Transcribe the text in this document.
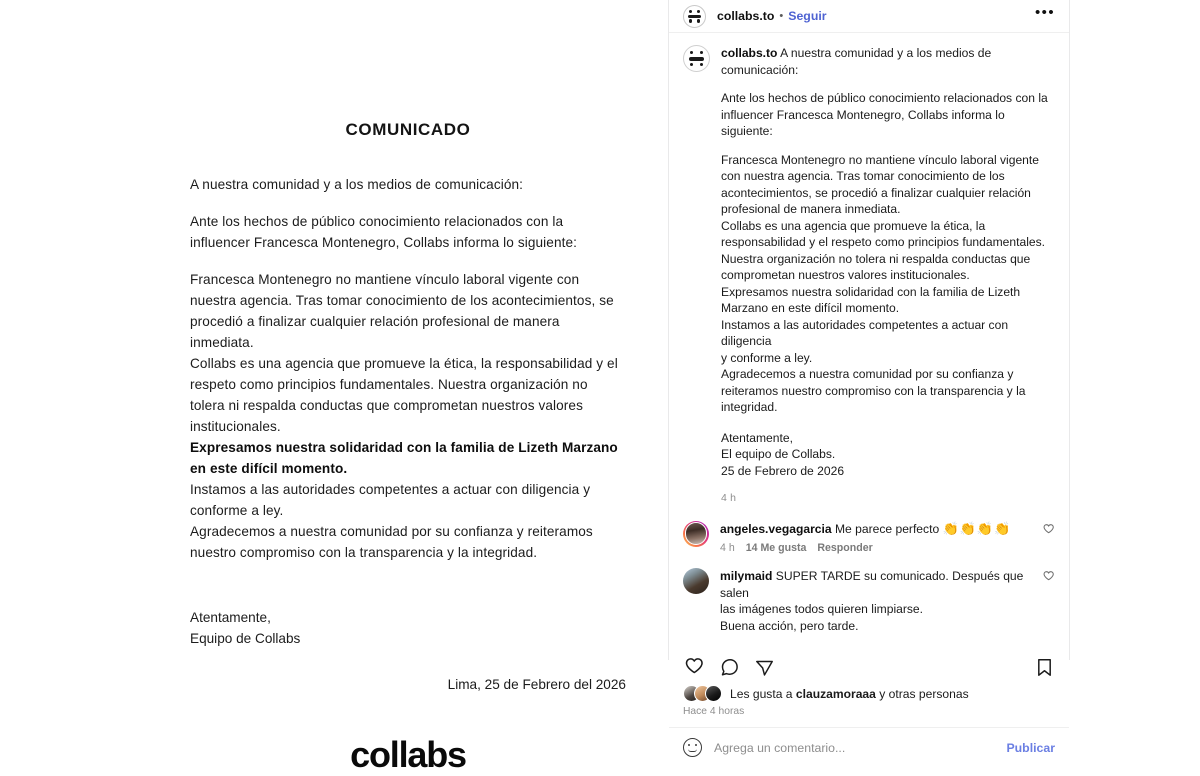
COMUNICADO
A nuestra comunidad y a los medios de comunicación:
Ante los hechos de público conocimiento relacionados con la influencer Francesca Montenegro, Collabs informa lo siguiente:
Francesca Montenegro no mantiene vínculo laboral vigente con nuestra agencia. Tras tomar conocimiento de los acontecimientos, se procedió a finalizar cualquier relación profesional de manera inmediata.
Collabs es una agencia que promueve la ética, la responsabilidad y el respeto como principios fundamentales. Nuestra organización no tolera ni respalda conductas que comprometan nuestros valores institucionales.
Expresamos nuestra solidaridad con la familia de Lizeth Marzano en este difícil momento.
Instamos a las autoridades competentes a actuar con diligencia y conforme a ley.
Agradecemos a nuestra comunidad por su confianza y reiteramos nuestro compromiso con la transparencia y la integridad.
Atentamente,
Equipo de Collabs
Lima, 25 de Febrero del 2026
collabs
collabs.to • Seguir	•••
collabs.to A nuestra comunidad y a los medios de comunicación:
Ante los hechos de público conocimiento relacionados con la
influencer Francesca Montenegro, Collabs informa lo siguiente:
Francesca Montenegro no mantiene vínculo laboral vigente
con nuestra agencia. Tras tomar conocimiento de los
acontecimientos, se procedió a finalizar cualquier relación
profesional de manera inmediata.
Collabs es una agencia que promueve la ética, la
responsabilidad y el respeto como principios fundamentales.
Nuestra organización no tolera ni respalda conductas que
comprometan nuestros valores institucionales.
Expresamos nuestra solidaridad con la familia de Lizeth
Marzano en este difícil momento.
Instamos a las autoridades competentes a actuar con diligencia
y conforme a ley.
Agradecemos a nuestra comunidad por su confianza y
reiteramos nuestro compromiso con la transparencia y la
integridad.
Atentamente,
El equipo de Collabs.
25 de Febrero de 2026
4 h
angeles.vegagarcia Me parece perfecto 👏👏👏👏
4 h 14 Me gusta Responder
milymaid SUPER TARDE su comunicado. Después que salen
las imágenes todos quieren limpiarse.
Buena acción, pero tarde.
Les gusta a clauzamoraaa y otras personas
Hace 4 horas
Agrega un comentario...
Publicar
